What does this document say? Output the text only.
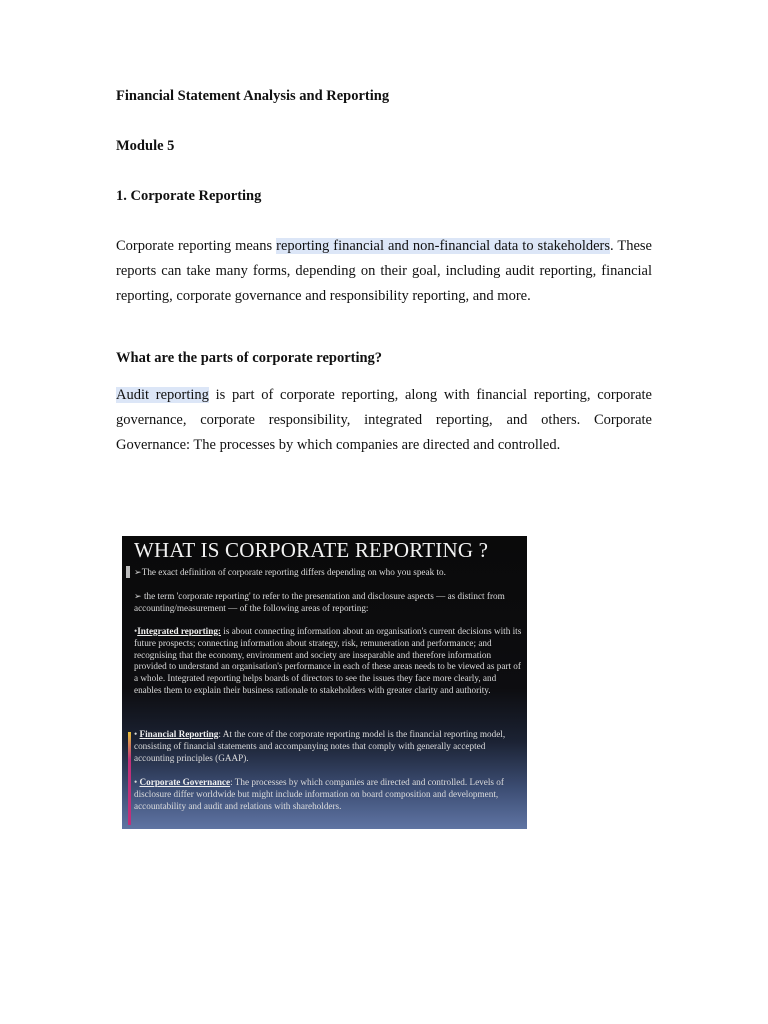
Financial Statement Analysis and Reporting

Module 5

1. Corporate Reporting

Corporate reporting means reporting financial and non-financial data to stakeholders. These reports can take many forms, depending on their goal, including audit reporting, financial reporting, corporate governance and responsibility reporting, and more.

What are the parts of corporate reporting?

Audit reporting is part of corporate reporting, along with financial reporting, corporate governance, corporate responsibility, integrated reporting, and others. Corporate Governance: The processes by which companies are directed and controlled.

WHAT IS CORPORATE REPORTING ?

➢The exact definition of corporate reporting differs depending on who you speak to.

➢ the term 'corporate reporting' to refer to the presentation and disclosure aspects — as distinct from accounting/measurement — of the following areas of reporting:

•Integrated reporting: is about connecting information about an organisation's current decisions with its future prospects; connecting information about strategy, risk, remuneration and performance; and recognising that the economy, environment and society are inseparable and therefore information provided to understand an organisation's performance in each of these areas needs to be viewed as part of a whole. Integrated reporting helps boards of directors to see the issues they face more clearly, and enables them to explain their business rationale to stakeholders with greater clarity and authority.

• Financial Reporting: At the core of the corporate reporting model is the financial reporting model, consisting of financial statements and accompanying notes that comply with generally accepted accounting principles (GAAP).

• Corporate Governance: The processes by which companies are directed and controlled. Levels of disclosure differ worldwide but might include information on board composition and development, accountability and audit and relations with shareholders.
